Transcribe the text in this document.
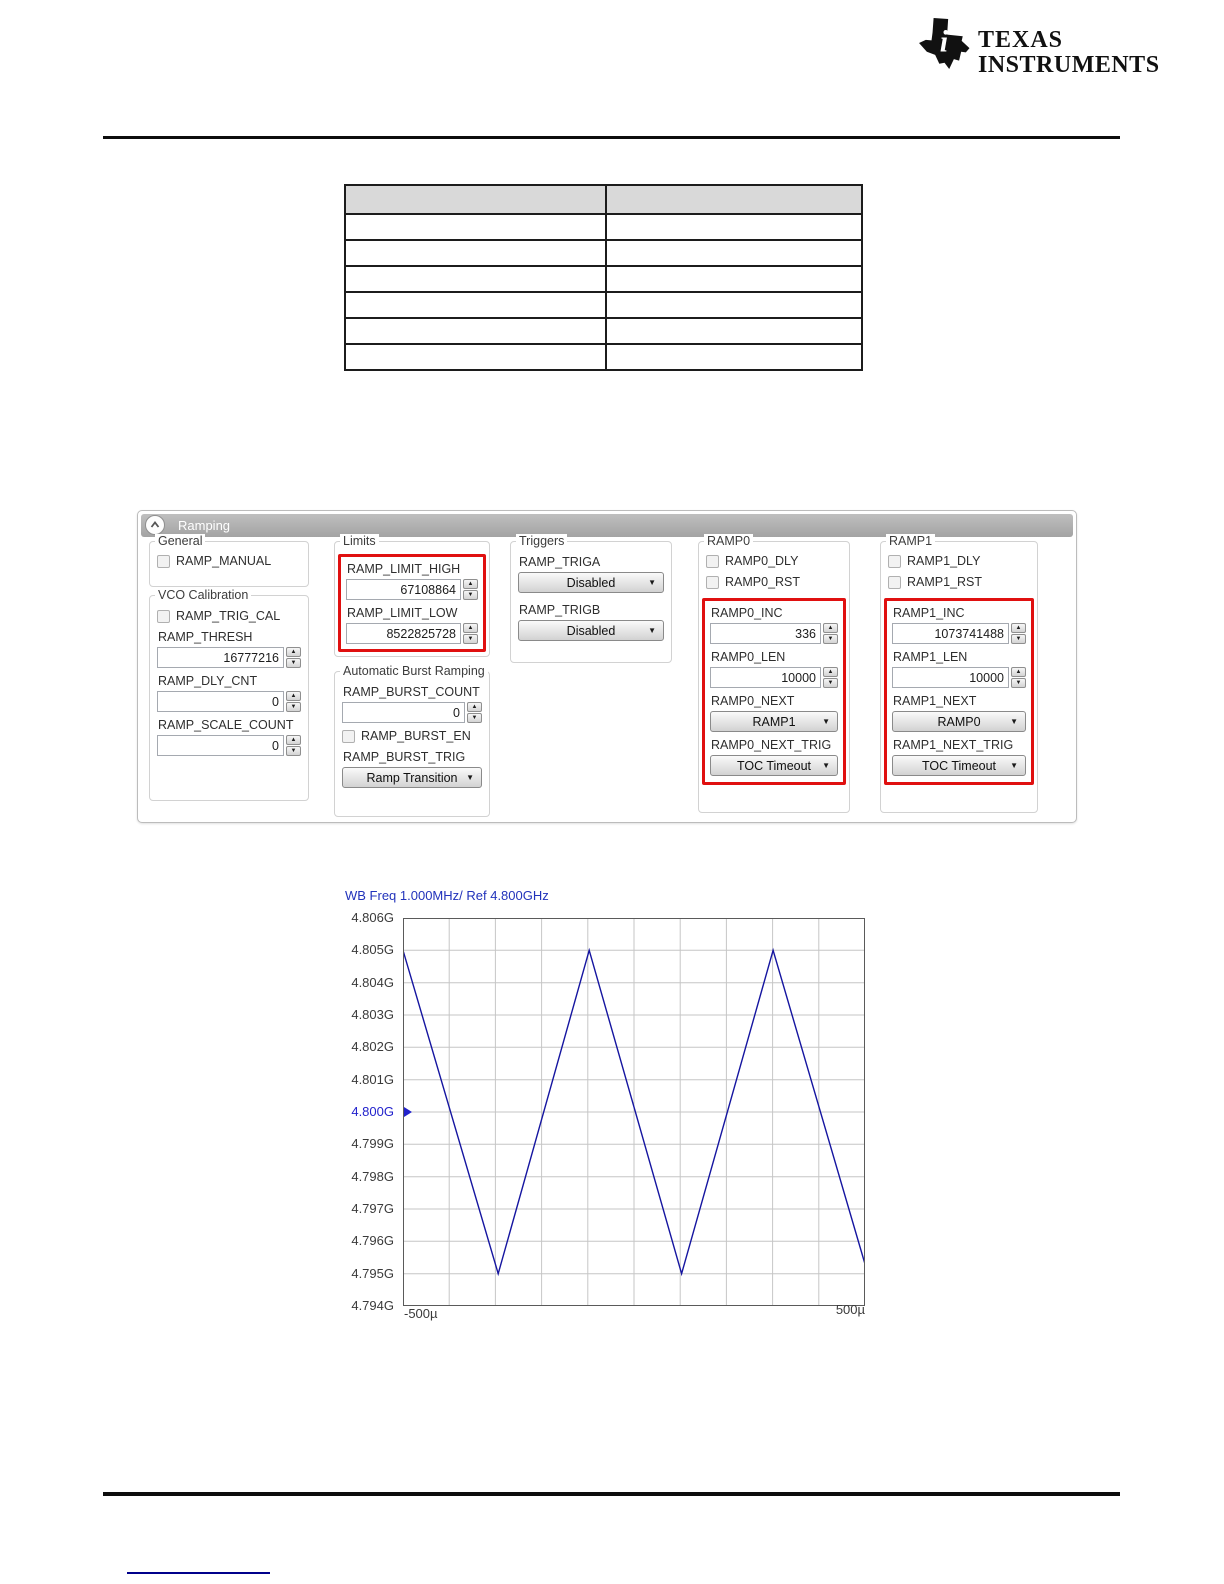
i TEXAS
INSTRUMENTS

Ramping
General
RAMP_MANUAL
VCO Calibration
RAMP_TRIG_CAL
RAMP_THRESH
16777216
▲
▼
RAMP_DLY_CNT
0
▲
▼
RAMP_SCALE_COUNT
0
▲
▼
Limits
RAMP_LIMIT_HIGH
67108864
▲
▼
RAMP_LIMIT_LOW
8522825728
▲
▼
Automatic Burst Ramping
RAMP_BURST_COUNT
0
▲
▼
RAMP_BURST_EN
RAMP_BURST_TRIG
Ramp Transition ▼
Triggers
RAMP_TRIGA
Disabled	▼
RAMP_TRIGB
Disabled	▼
RAMP0
RAMP0_DLY
RAMP0_RST
RAMP0_INC
336
▲
▼
RAMP0_LEN
10000
▲
▼
RAMP0_NEXT
RAMP1	▼
RAMP0_NEXT_TRIG
TOC Timeout ▼
RAMP1
RAMP1_DLY
RAMP1_RST
RAMP1_INC
1073741488
▲
▼
RAMP1_LEN
10000
▲
▼
RAMP1_NEXT
RAMP0	▼
RAMP1_NEXT_TRIG
TOC Timeout ▼
WB Freq 1.000MHz/ Ref 4.800GHz
4.806G
4.805G
4.804G
4.803G
4.802G
4.801G
4.800G
4.799G
4.798G
4.797G
4.796G
4.795G
4.794G
-500µ	500µ
